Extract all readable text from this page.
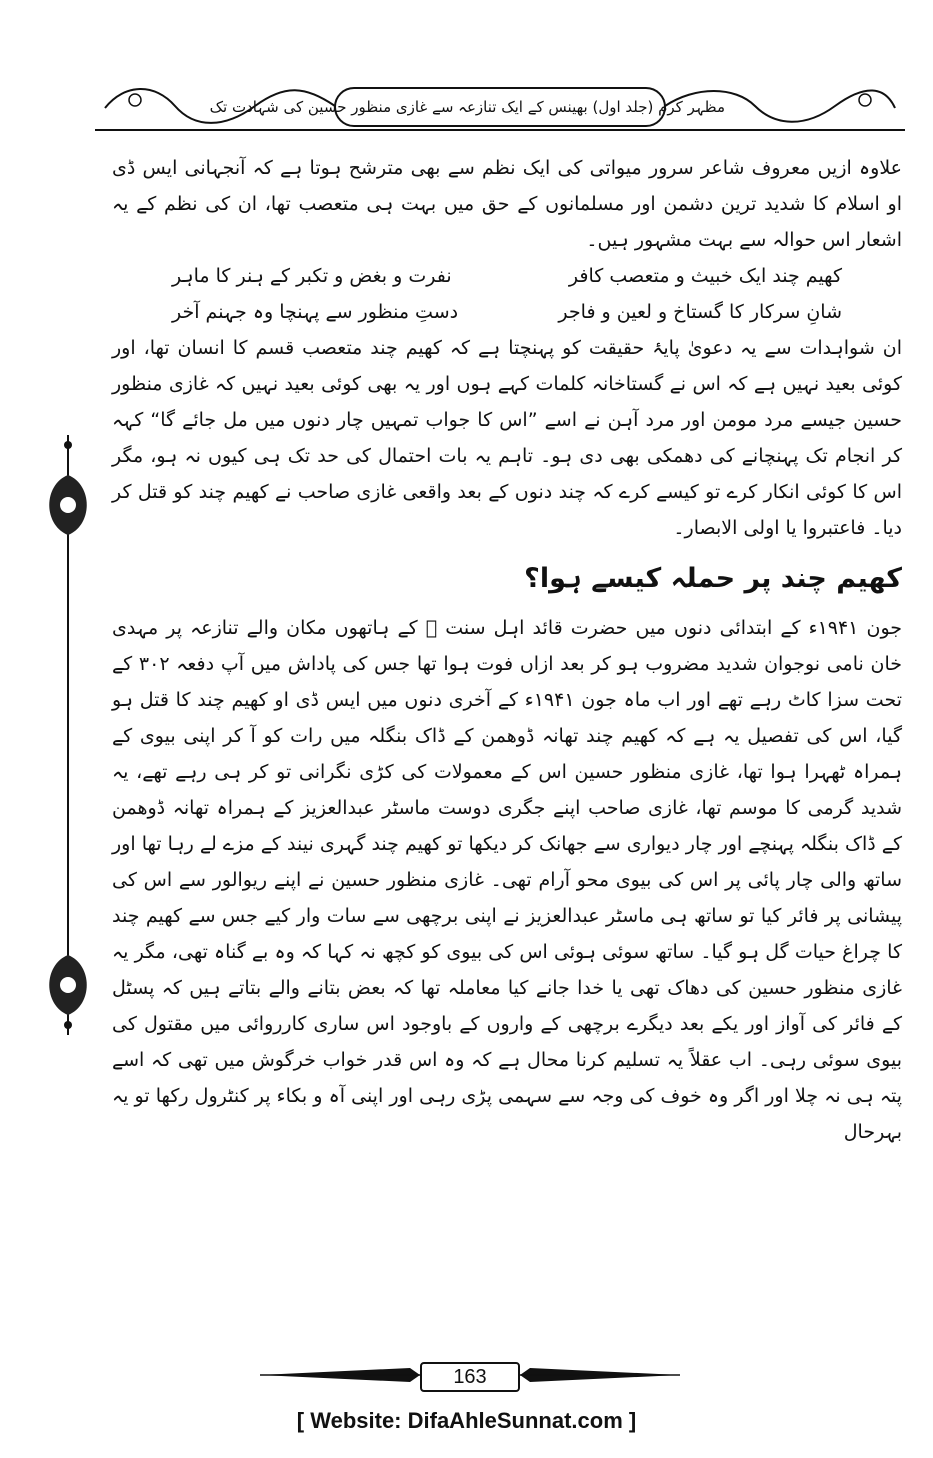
مظہر کرم (جلد اول) بھینس کے ایک تنازعہ سے غازی منظور حسین کی شہادت تک

علاوہ ازیں معروف شاعر سرور میواتی کی ایک نظم سے بھی مترشح ہوتا ہے کہ آنجہانی ایس ڈی او اسلام کا شدید ترین دشمن اور مسلمانوں کے حق میں بہت ہی متعصب تھا، ان کی نظم کے یہ اشعار اس حوالہ سے بہت مشہور ہیں۔

کھیم چند ایک خبیث و متعصب کافر
نفرت و بغض و تکبر کے ہنر کا ماہر
شانِ سرکار کا گستاخ و لعین و فاجر
دستِ منظور سے پہنچا وہ جہنم آخر

ان شواہدات سے یہ دعویٰ پایۂ حقیقت کو پہنچتا ہے کہ کھیم چند متعصب قسم کا انسان تھا، اور کوئی بعید نہیں ہے کہ اس نے گستاخانہ کلمات کہے ہوں اور یہ بھی کوئی بعید نہیں کہ غازی منظور حسین جیسے مرد مومن اور مرد آہن نے اسے ”اس کا جواب تمہیں چار دنوں میں مل جائے گا“ کہہ کر انجام تک پہنچانے کی دھمکی بھی دی ہو۔ تاہم یہ بات احتمال کی حد تک ہی کیوں نہ ہو، مگر اس کا کوئی انکار کرے تو کیسے کرے کہ چند دنوں کے بعد واقعی غازی صاحب نے کھیم چند کو قتل کر دیا۔ فاعتبروا یا اولی الابصار۔

کھیم چند پر حملہ کیسے ہوا؟

جون ۱۹۴۱ء کے ابتدائی دنوں میں حضرت قائد اہل سنت ﷫ کے ہاتھوں مکان والے تنازعہ پر مہدی خان نامی نوجوان شدید مضروب ہو کر بعد ازاں فوت ہوا تھا جس کی پاداش میں آپ دفعہ ۳۰۲ کے تحت سزا کاٹ رہے تھے اور اب ماہ جون ۱۹۴۱ء کے آخری دنوں میں ایس ڈی او کھیم چند کا قتل ہو گیا، اس کی تفصیل یہ ہے کہ کھیم چند تھانہ ڈوھمن کے ڈاک بنگلہ میں رات کو آ کر اپنی بیوی کے ہمراہ ٹھہرا ہوا تھا، غازی منظور حسین اس کے معمولات کی کڑی نگرانی تو کر ہی رہے تھے، یہ شدید گرمی کا موسم تھا، غازی صاحب اپنے جگری دوست ماسٹر عبدالعزیز کے ہمراہ تھانہ ڈوھمن کے ڈاک بنگلہ پہنچے اور چار دیواری سے جھانک کر دیکھا تو کھیم چند گہری نیند کے مزے لے رہا تھا اور ساتھ والی چار پائی پر اس کی بیوی محو آرام تھی۔ غازی منظور حسین نے اپنے ریوالور سے اس کی پیشانی پر فائر کیا تو ساتھ ہی ماسٹر عبدالعزیز نے اپنی برچھی سے سات وار کیے جس سے کھیم چند کا چراغ حیات گل ہو گیا۔ ساتھ سوئی ہوئی اس کی بیوی کو کچھ نہ کہا کہ وہ بے گناہ تھی، مگر یہ غازی منظور حسین کی دھاک تھی یا خدا جانے کیا معاملہ تھا کہ بعض بتانے والے بتاتے ہیں کہ پسٹل کے فائر کی آواز اور یکے بعد دیگرے برچھی کے واروں کے باوجود اس ساری کارروائی میں مقتول کی بیوی سوئی رہی۔ اب عقلاً یہ تسلیم کرنا محال ہے کہ وہ اس قدر خواب خرگوش میں تھی کہ اسے پتہ ہی نہ چلا اور اگر وہ خوف کی وجہ سے سہمی پڑی رہی اور اپنی آہ و بکاء پر کنٹرول رکھا تو یہ بہرحال

163
[ Website: DifaAhleSunnat.com ]
